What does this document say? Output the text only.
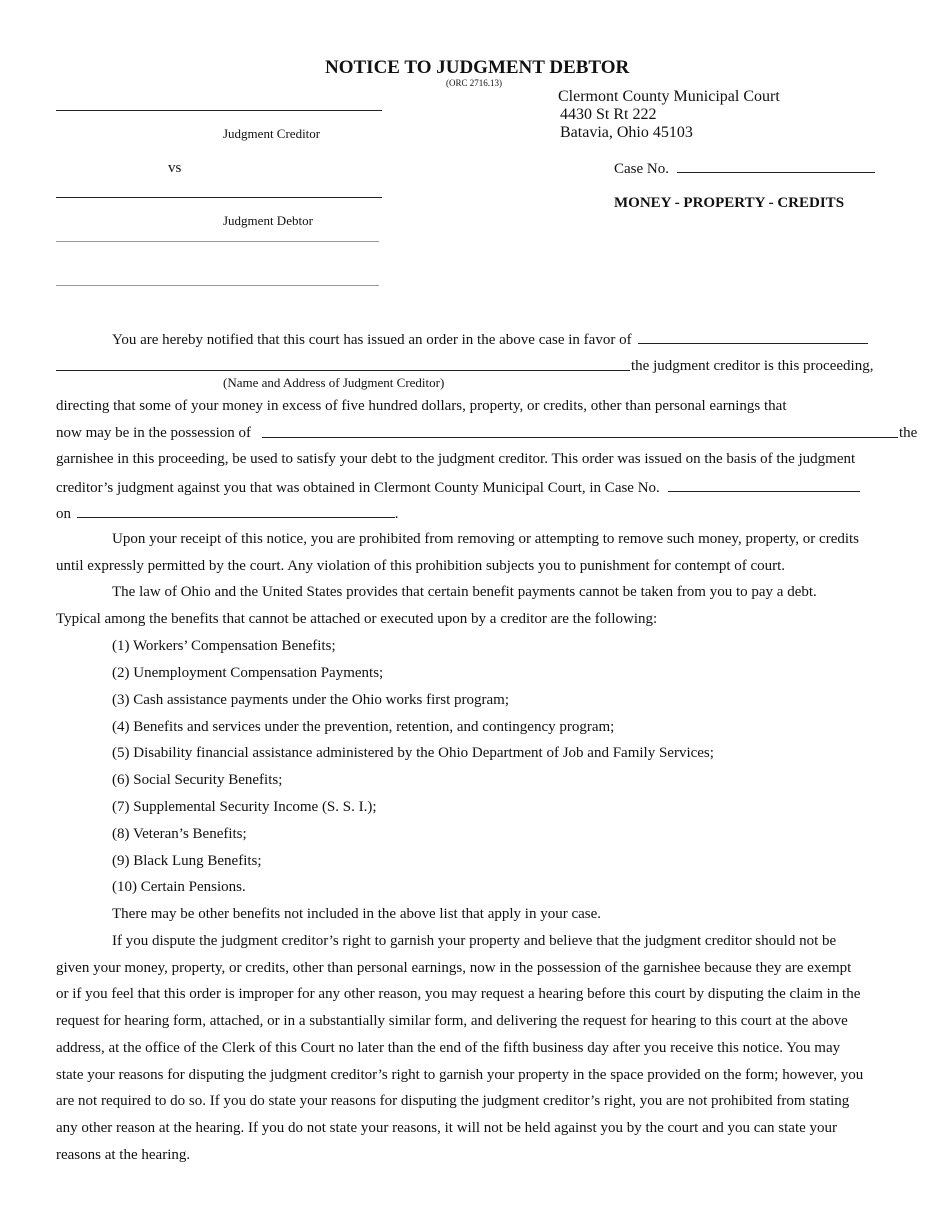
NOTICE TO JUDGMENT DEBTOR
(ORC 2716.13)
Clermont County Municipal Court
4430 St Rt 222
Batavia, Ohio 45103
Judgment Creditor
vs
Judgment Debtor
Case No.
MONEY - PROPERTY - CREDITS
You are hereby notified that this court has issued an order in the above case in favor of
the judgment creditor is this proceeding,
(Name and Address of Judgment Creditor)
directing that some of your money in excess of five hundred dollars, property, or credits, other than personal earnings that
now may be in the possession of	the
garnishee in this proceeding, be used to satisfy your debt to the judgment creditor. This order was issued on the basis of the judgment
creditor’s judgment against you that was obtained in Clermont County Municipal Court, in Case No.
on	.
Upon your receipt of this notice, you are prohibited from removing or attempting to remove such money, property, or credits
until expressly permitted by the court. Any violation of this prohibition subjects you to punishment for contempt of court.
The law of Ohio and the United States provides that certain benefit payments cannot be taken from you to pay a debt.
Typical among the benefits that cannot be attached or executed upon by a creditor are the following:
(1) Workers’ Compensation Benefits;
(2) Unemployment Compensation Payments;
(3) Cash assistance payments under the Ohio works first program;
(4) Benefits and services under the prevention, retention, and contingency program;
(5) Disability financial assistance administered by the Ohio Department of Job and Family Services;
(6) Social Security Benefits;
(7) Supplemental Security Income (S. S. I.);
(8) Veteran’s Benefits;
(9) Black Lung Benefits;
(10) Certain Pensions.
There may be other benefits not included in the above list that apply in your case.
If you dispute the judgment creditor’s right to garnish your property and believe that the judgment creditor should not be
given your money, property, or credits, other than personal earnings, now in the possession of the garnishee because they are exempt
or if you feel that this order is improper for any other reason, you may request a hearing before this court by disputing the claim in the
request for hearing form, attached, or in a substantially similar form, and delivering the request for hearing to this court at the above
address, at the office of the Clerk of this Court no later than the end of the fifth business day after you receive this notice. You may
state your reasons for disputing the judgment creditor’s right to garnish your property in the space provided on the form; however, you
are not required to do so. If you do state your reasons for disputing the judgment creditor’s right, you are not prohibited from stating
any other reason at the hearing. If you do not state your reasons, it will not be held against you by the court and you can state your
reasons at the hearing.
